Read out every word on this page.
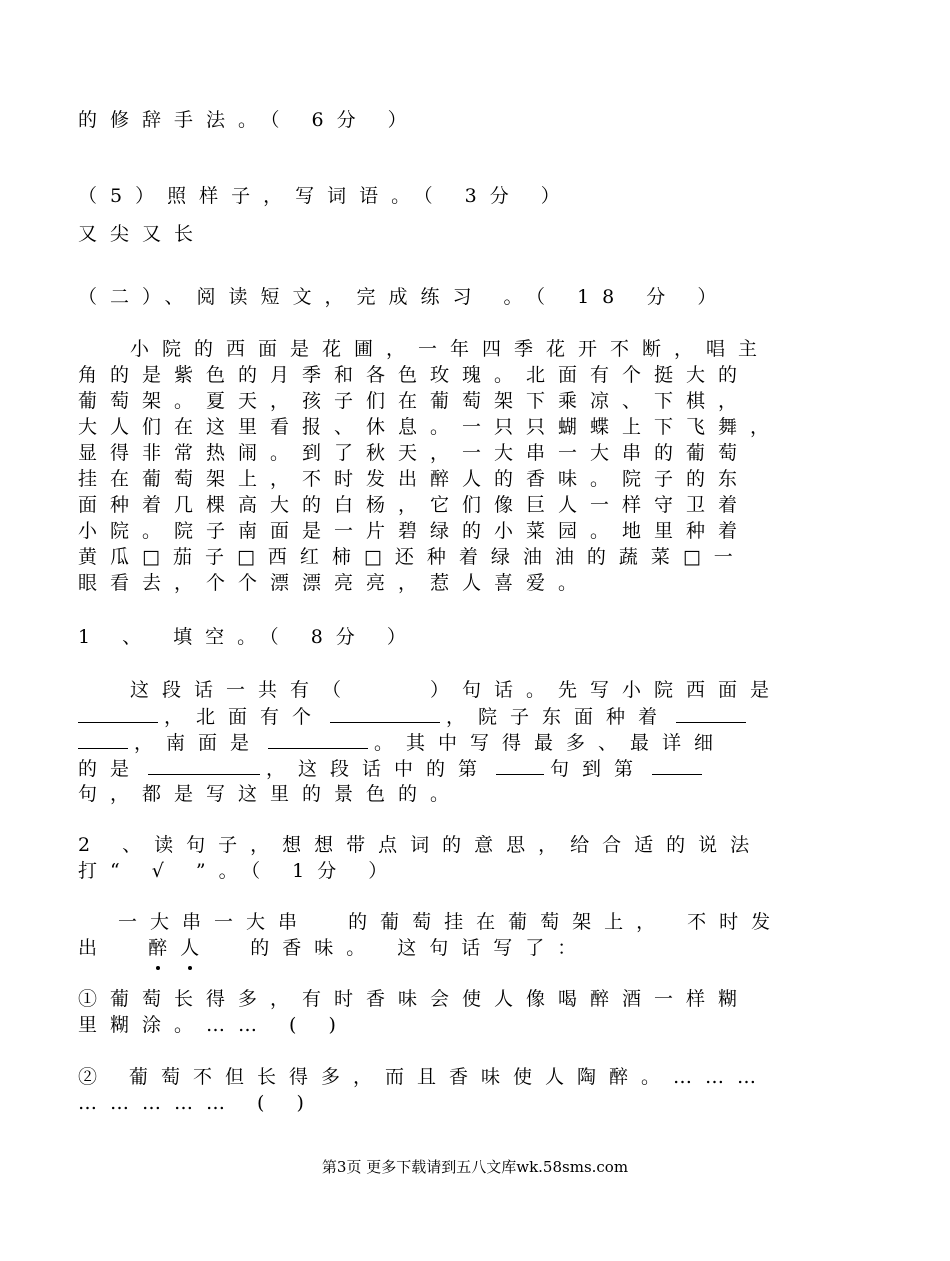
的修辞手法。（ 6分 ）
（5）照样子，写词语。（ 3分 ）
又尖又长
（二）、阅读短文，完成练习 。（ 18 分 ）
小院的西面是花圃，一年四季花开不断，唱主
角的是紫色的月季和各色玫瑰。北面有个挺大的
葡萄架。夏天，孩子们在葡萄架下乘凉、下棋，
大人们在这里看报、休息。一只只蝴蝶上下飞舞，
显得非常热闹。到了秋天，一大串一大串的葡萄
挂在葡萄架上，不时发出醉人的香味。院子的东
面种着几棵高大的白杨，它们像巨人一样守卫着
小院。院子南面是一片碧绿的小菜园。地里种着
黄瓜□茄子□西红柿□还种着绿油油的蔬菜□一
眼看去，个个漂漂亮亮，惹人喜爱。
1 、 填空。（ 8分 ）
这段话一共有（	）句话。先写小院西面是
，北面有个	，院子东面种着
，南面是	。其中写得最多、最详细
的是	，这段话中的第	句到第
句，都是写这里的景色的。
2 、读句子，想想带点词的意思，给合适的说法
打“ √ ”。（ 1分 ）
一大串一大串 的葡萄挂在葡萄架上， 不时发
出 醉人 的香味。 这句话写了：
①葡萄长得多，有时香味会使人像喝醉酒一样糊
里糊涂。…… ( )
② 葡萄不但长得多，而且香味使人陶醉。………
…………… ( )
第3页 更多下载请到五八文库wk.58sms.com
